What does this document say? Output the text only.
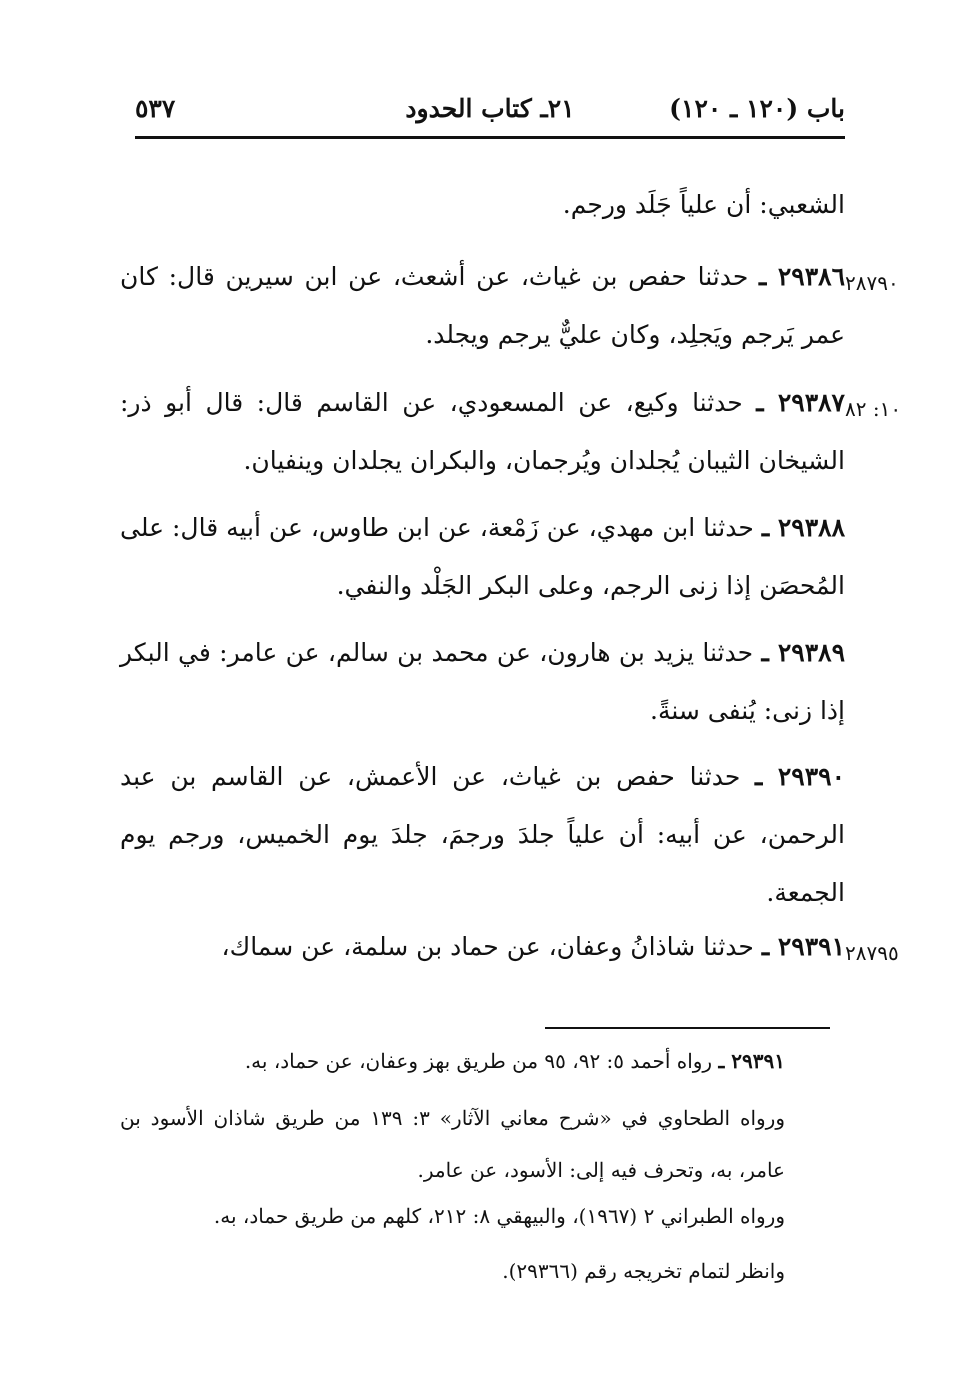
٥٣٧	٢١ـ كتاب الحدود	باب (١٢٠ ـ ١٢٠)
الشعبي: أن علياً جَلَد ورجم.
٢٩٣٨٦ ـ حدثنا حفص بن غياث، عن أشعث، عن ابن سيرين قال: كان عمر يَرجم ويَجلِد، وكان عليٌّ يرجم ويجلد.
٢٨٧٩٠
٢٩٣٨٧ ـ حدثنا وكيع، عن المسعودي، عن القاسم قال: قال أبو ذر: الشيخان الثيبان يُجلدان ويُرجمان، والبكران يجلدان وينفيان.
١٠: ٨٢
٢٩٣٨٨ ـ حدثنا ابن مهدي، عن زَمْعة، عن ابن طاوس، عن أبيه قال: على المُحصَن إذا زنى الرجم، وعلى البكر الجَلْد والنفي.
٢٩٣٨٩ ـ حدثنا يزيد بن هارون، عن محمد بن سالم، عن عامر: في البكر إذا زنى: يُنفى سنةً.
٢٩٣٩٠ ـ حدثنا حفص بن غياث، عن الأعمش، عن القاسم بن عبد الرحمن، عن أبيه: أن علياً جلدَ ورجمَ، جلدَ يوم الخميس، ورجم يوم الجمعة.
٢٩٣٩١ ـ حدثنا شاذانُ وعفان، عن حماد بن سلمة، عن سماك،	٢٨٧٩٥
٢٩٣٩١ ـ رواه أحمد ٥: ٩٢، ٩٥ من طريق بهز وعفان، عن حماد، به.
ورواه الطحاوي في «شرح معاني الآثار» ٣: ١٣٩ من طريق شاذان الأسود بن عامر، به، وتحرف فيه إلى: الأسود، عن عامر.
ورواه الطبراني ٢ (١٩٦٧)، والبيهقي ٨: ٢١٢، كلهم من طريق حماد، به.
وانظر لتمام تخريجه رقم (٢٩٣٦٦).
